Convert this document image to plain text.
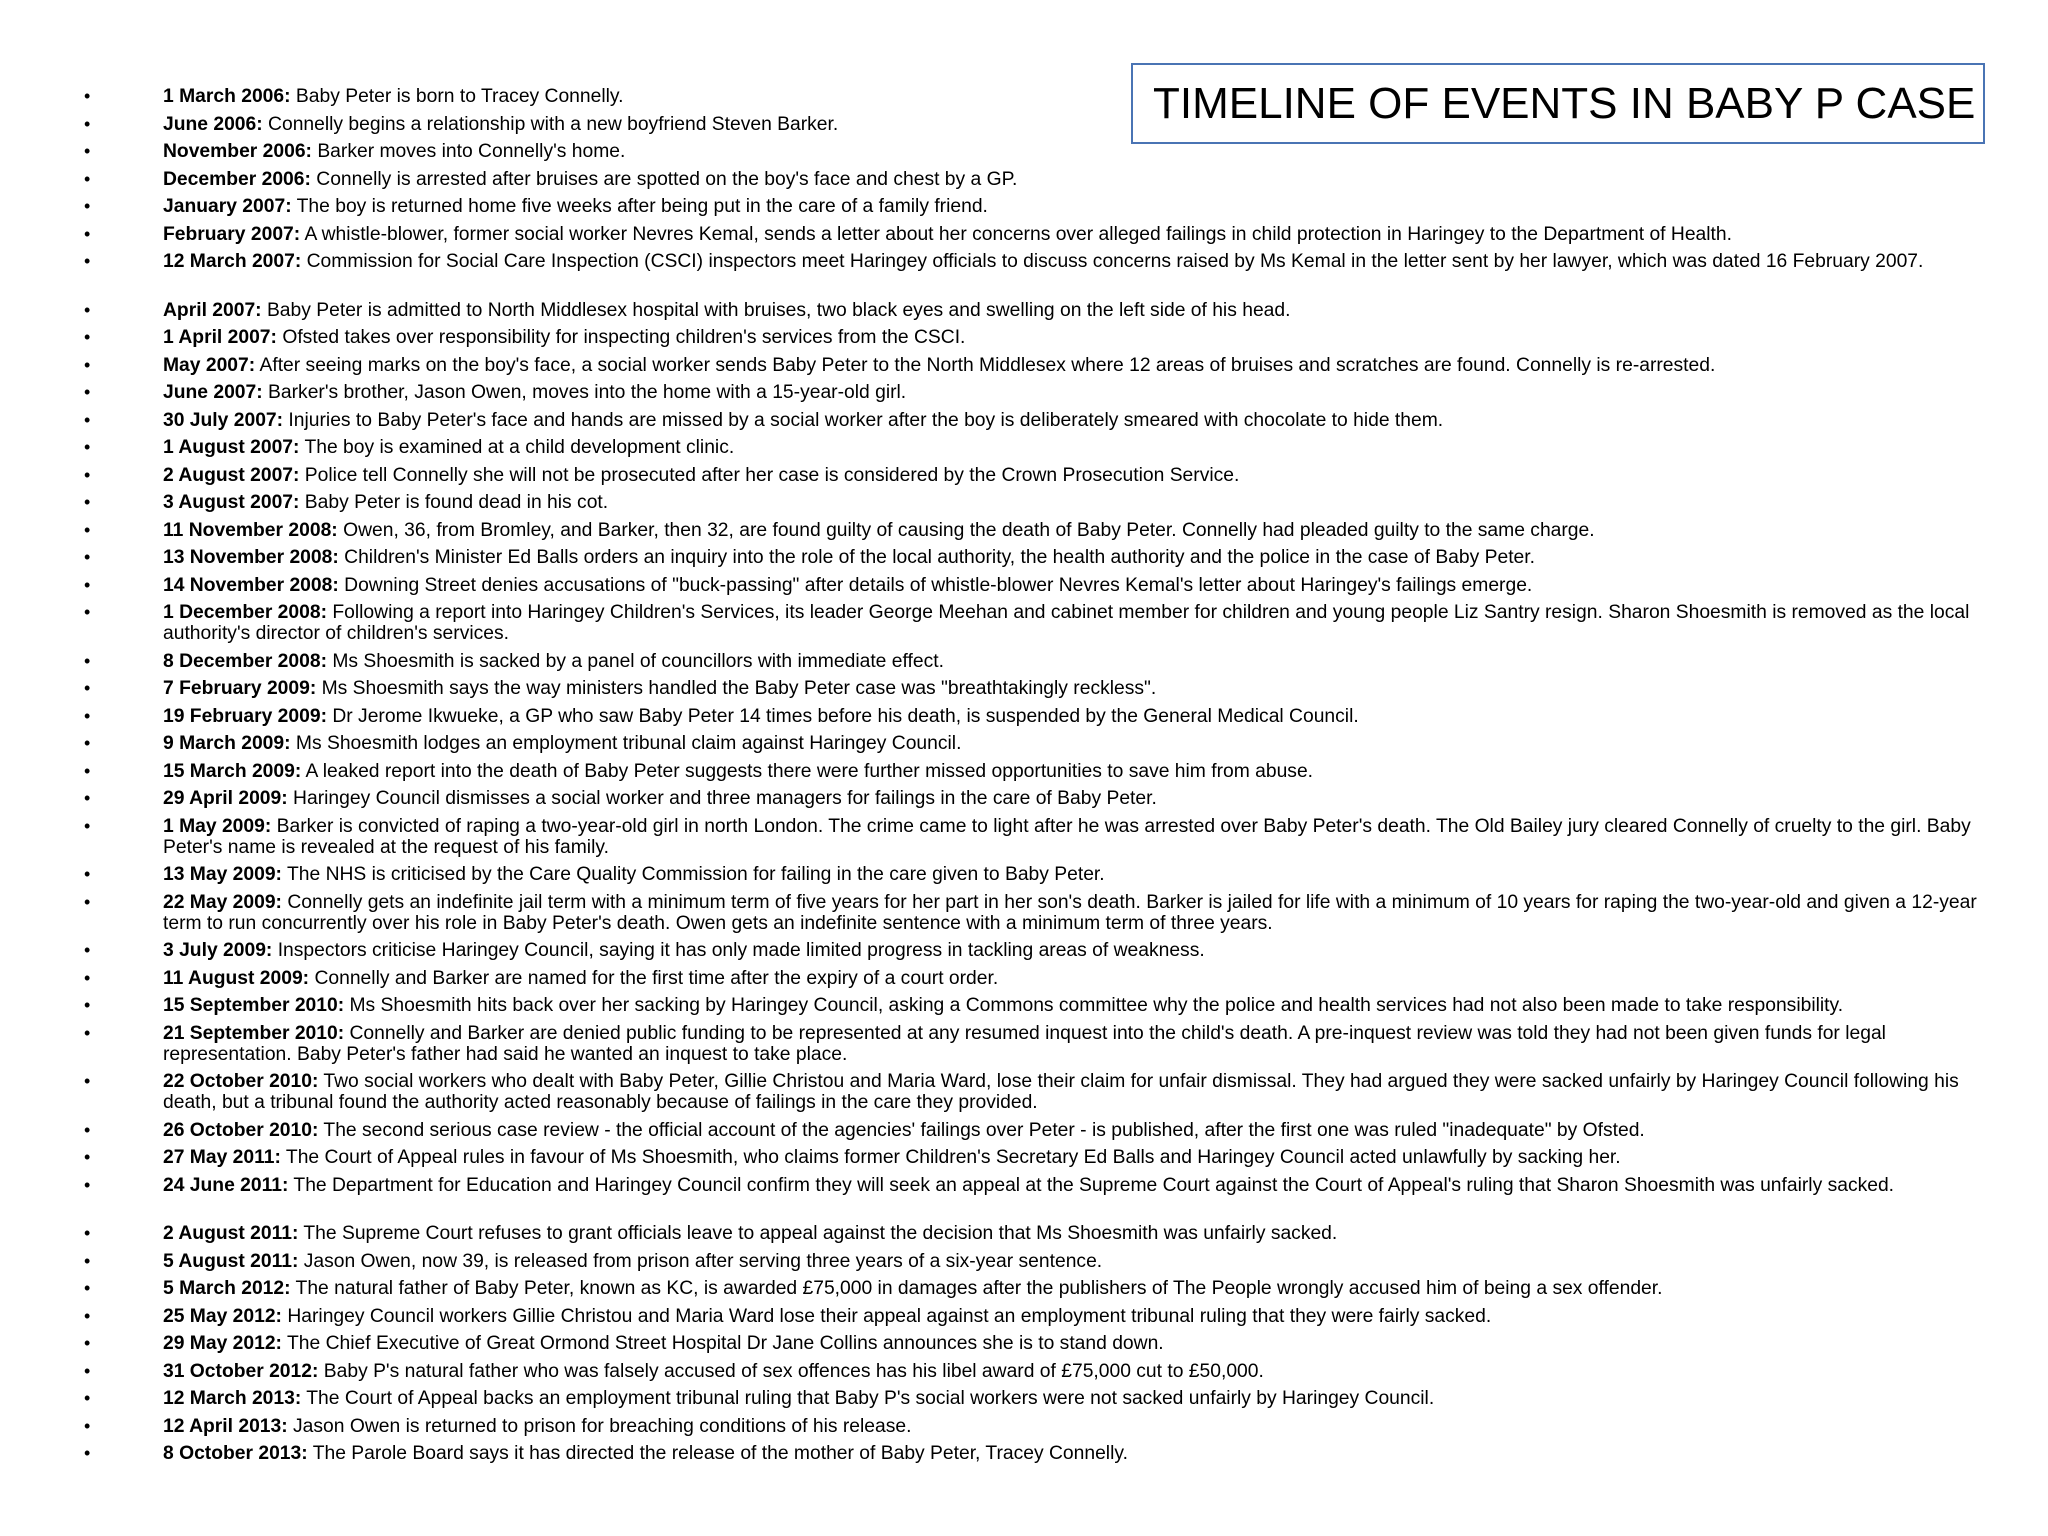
TIMELINE OF EVENTS IN BABY P CASE
•	1 March 2006: Baby Peter is born to Tracey Connelly.
•	June 2006: Connelly begins a relationship with a new boyfriend Steven Barker.
•	November 2006: Barker moves into Connelly's home.
•	December 2006: Connelly is arrested after bruises are spotted on the boy's face and chest by a GP.
•	January 2007: The boy is returned home five weeks after being put in the care of a family friend.
•	February 2007: A whistle-blower, former social worker Nevres Kemal, sends a letter about her concerns over alleged failings in child protection in Haringey to the Department of Health.
•	12 March 2007: Commission for Social Care Inspection (CSCI) inspectors meet Haringey officials to discuss concerns raised by Ms Kemal in the letter sent by her lawyer, which was dated 16 February 2007.
•	April 2007: Baby Peter is admitted to North Middlesex hospital with bruises, two black eyes and swelling on the left side of his head.
•	1 April 2007: Ofsted takes over responsibility for inspecting children's services from the CSCI.
•	May 2007: After seeing marks on the boy's face, a social worker sends Baby Peter to the North Middlesex where 12 areas of bruises and scratches are found. Connelly is re-arrested.
•	June 2007: Barker's brother, Jason Owen, moves into the home with a 15-year-old girl.
•	30 July 2007: Injuries to Baby Peter's face and hands are missed by a social worker after the boy is deliberately smeared with chocolate to hide them.
•	1 August 2007: The boy is examined at a child development clinic.
•	2 August 2007: Police tell Connelly she will not be prosecuted after her case is considered by the Crown Prosecution Service.
•	3 August 2007: Baby Peter is found dead in his cot.
•	11 November 2008: Owen, 36, from Bromley, and Barker, then 32, are found guilty of causing the death of Baby Peter. Connelly had pleaded guilty to the same charge.
•	13 November 2008: Children's Minister Ed Balls orders an inquiry into the role of the local authority, the health authority and the police in the case of Baby Peter.
•	14 November 2008: Downing Street denies accusations of "buck-passing" after details of whistle-blower Nevres Kemal's letter about Haringey's failings emerge.
•	1 December 2008: Following a report into Haringey Children's Services, its leader George Meehan and cabinet member for children and young people Liz Santry resign. Sharon Shoesmith is removed as the local authority's director of children's services.
•	8 December 2008: Ms Shoesmith is sacked by a panel of councillors with immediate effect.
•	7 February 2009: Ms Shoesmith says the way ministers handled the Baby Peter case was "breathtakingly reckless".
•	19 February 2009: Dr Jerome Ikwueke, a GP who saw Baby Peter 14 times before his death, is suspended by the General Medical Council.
•	9 March 2009: Ms Shoesmith lodges an employment tribunal claim against Haringey Council.
•	15 March 2009: A leaked report into the death of Baby Peter suggests there were further missed opportunities to save him from abuse.
•	29 April 2009: Haringey Council dismisses a social worker and three managers for failings in the care of Baby Peter.
•	1 May 2009: Barker is convicted of raping a two-year-old girl in north London. The crime came to light after he was arrested over Baby Peter's death. The Old Bailey jury cleared Connelly of cruelty to the girl. Baby Peter's name is revealed at the request of his family.
•	13 May 2009: The NHS is criticised by the Care Quality Commission for failing in the care given to Baby Peter.
•	22 May 2009: Connelly gets an indefinite jail term with a minimum term of five years for her part in her son's death. Barker is jailed for life with a minimum of 10 years for raping the two-year-old and given a 12-year term to run concurrently over his role in Baby Peter's death. Owen gets an indefinite sentence with a minimum term of three years.
•	3 July 2009: Inspectors criticise Haringey Council, saying it has only made limited progress in tackling areas of weakness.
•	11 August 2009: Connelly and Barker are named for the first time after the expiry of a court order.
•	15 September 2010: Ms Shoesmith hits back over her sacking by Haringey Council, asking a Commons committee why the police and health services had not also been made to take responsibility.
•	21 September 2010: Connelly and Barker are denied public funding to be represented at any resumed inquest into the child's death. A pre-inquest review was told they had not been given funds for legal representation. Baby Peter's father had said he wanted an inquest to take place.
•	22 October 2010: Two social workers who dealt with Baby Peter, Gillie Christou and Maria Ward, lose their claim for unfair dismissal. They had argued they were sacked unfairly by Haringey Council following his death, but a tribunal found the authority acted reasonably because of failings in the care they provided.
•	26 October 2010: The second serious case review - the official account of the agencies' failings over Peter - is published, after the first one was ruled "inadequate" by Ofsted.
•	27 May 2011: The Court of Appeal rules in favour of Ms Shoesmith, who claims former Children's Secretary Ed Balls and Haringey Council acted unlawfully by sacking her.
•	24 June 2011: The Department for Education and Haringey Council confirm they will seek an appeal at the Supreme Court against the Court of Appeal's ruling that Sharon Shoesmith was unfairly sacked.
•	2 August 2011: The Supreme Court refuses to grant officials leave to appeal against the decision that Ms Shoesmith was unfairly sacked.
•	5 August 2011: Jason Owen, now 39, is released from prison after serving three years of a six-year sentence.
•	5 March 2012: The natural father of Baby Peter, known as KC, is awarded £75,000 in damages after the publishers of The People wrongly accused him of being a sex offender.
•	25 May 2012: Haringey Council workers Gillie Christou and Maria Ward lose their appeal against an employment tribunal ruling that they were fairly sacked.
•	29 May 2012: The Chief Executive of Great Ormond Street Hospital Dr Jane Collins announces she is to stand down.
•	31 October 2012: Baby P's natural father who was falsely accused of sex offences has his libel award of £75,000 cut to £50,000.
•	12 March 2013: The Court of Appeal backs an employment tribunal ruling that Baby P's social workers were not sacked unfairly by Haringey Council.
•	12 April 2013: Jason Owen is returned to prison for breaching conditions of his release.
•	8 October 2013: The Parole Board says it has directed the release of the mother of Baby Peter, Tracey Connelly.
